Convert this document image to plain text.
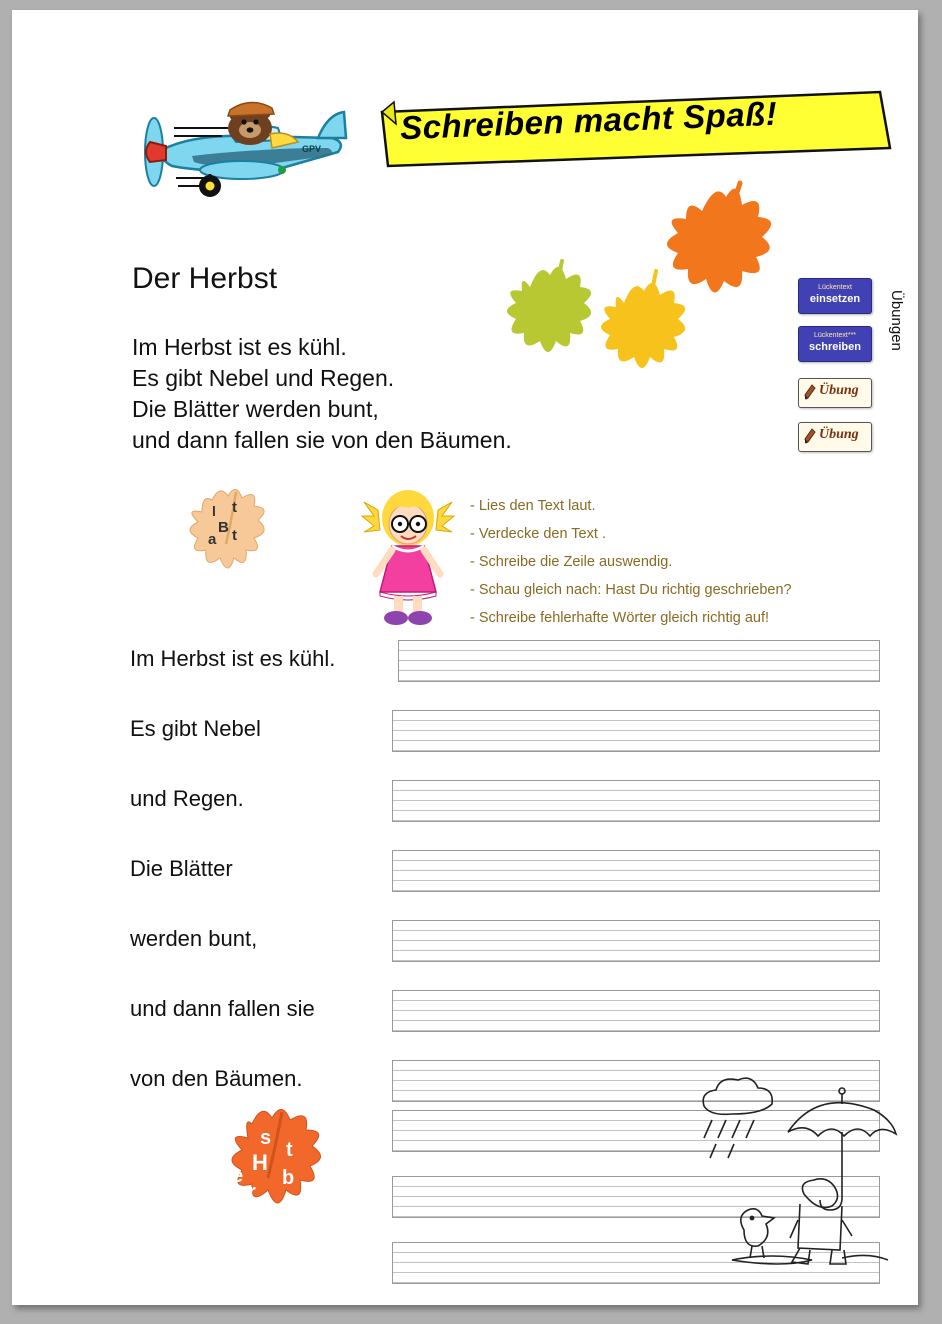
GPV
Schreiben macht Spaß!
Der Herbst
Im Herbst ist es kühl.
Es gibt Nebel und Regen.
Die Blätter werden bunt,
und dann fallen sie von den Bäumen.
Lückentext
einsetzen
Lückentext***
schreiben
Übung
Übung
Übungen
l t
a t
B
- Lies den Text laut.
- Verdecke den Text .
- Schreibe die Zeile auswendig.
- Schau gleich nach: Hast Du richtig geschrieben?
- Schreibe fehlerhafte Wörter gleich richtig auf!
Im Herbst ist es kühl.
Es gibt Nebel
und Regen.
Die Blätter
werden bunt,
und dann fallen sie
von den Bäumen.
s
t
H
b
e
r
